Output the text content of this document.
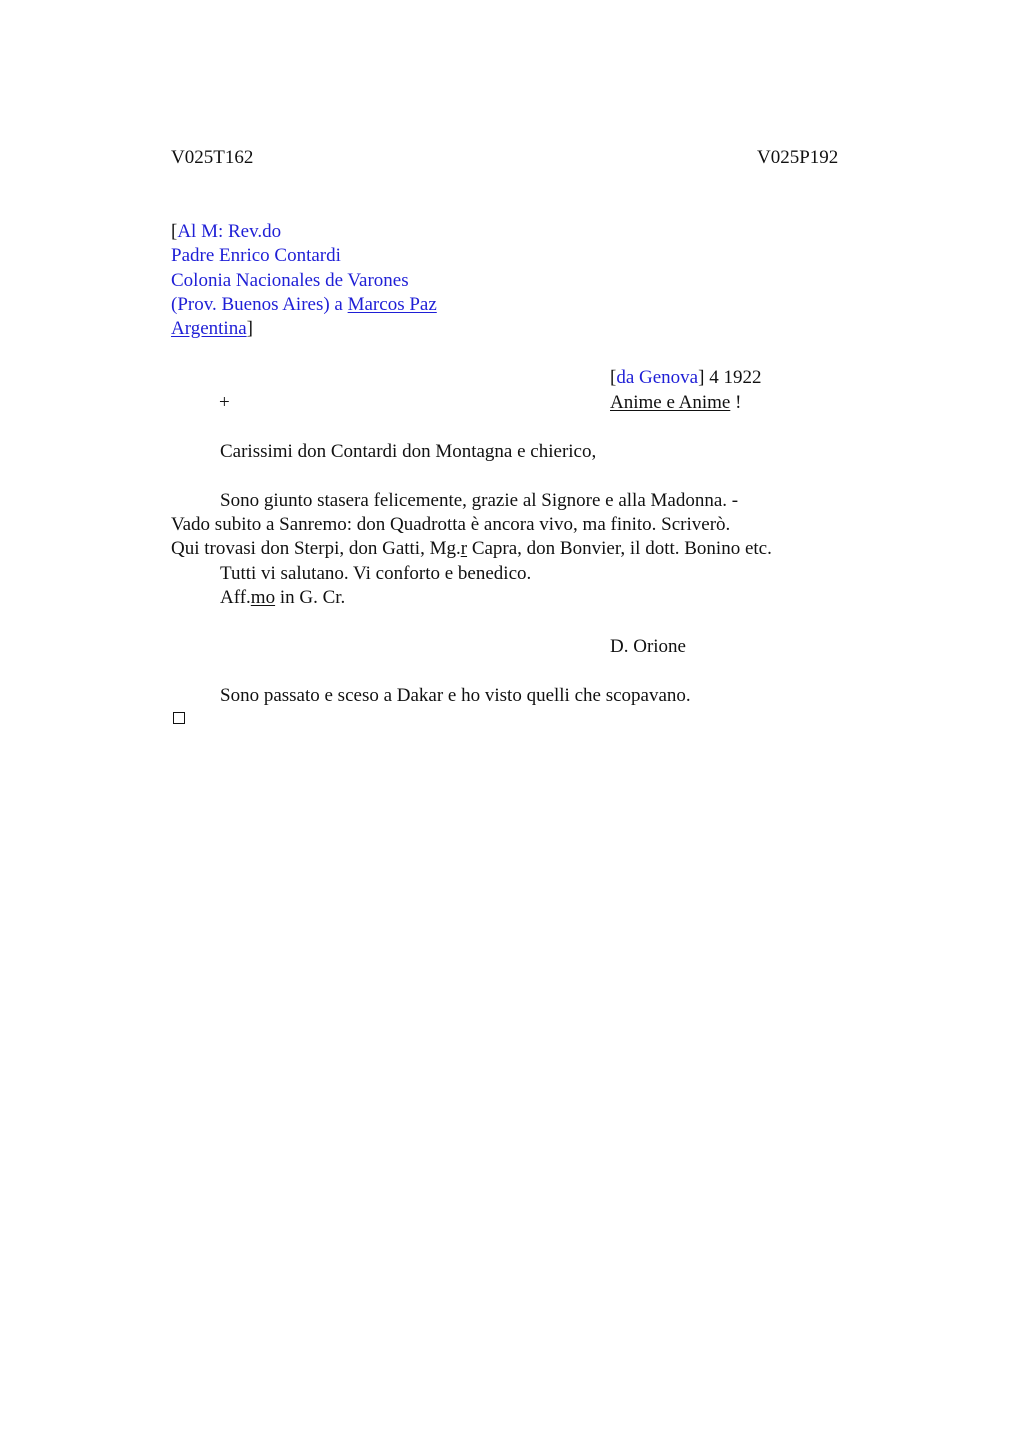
V025T162	V025P192
[Al M: Rev.do
Padre Enrico Contardi
Colonia Nacionales de Varones
(Prov. Buenos Aires) a Marcos Paz
Argentina]
[da Genova] 4 1922
+	Anime e Anime !
Carissimi don Contardi don Montagna e chierico,
Sono giunto stasera felicemente, grazie al Signore e alla Madonna. -
Vado subito a Sanremo: don Quadrotta è ancora vivo, ma finito. Scriverò.
Qui trovasi don Sterpi, don Gatti, Mg.r Capra, don Bonvier, il dott. Bonino etc.
Tutti vi salutano. Vi conforto e benedico.
Aff.mo in G. Cr.
D. Orione
Sono passato e sceso a Dakar e ho visto quelli che scopavano.
